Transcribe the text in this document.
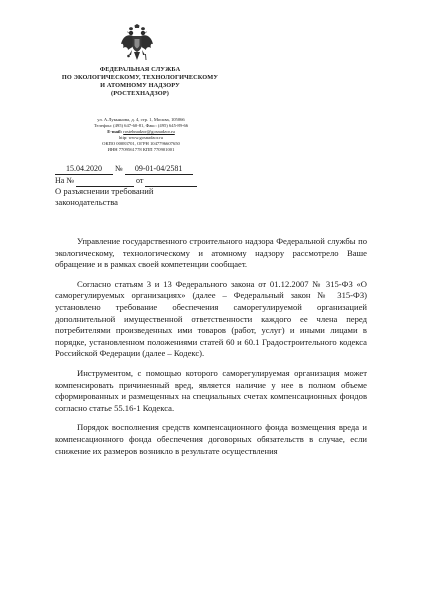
ФЕДЕРАЛЬНАЯ СЛУЖБА
ПО ЭКОЛОГИЧЕСКОМУ, ТЕХНОЛОГИЧЕСКОМУ
И АТОМНОМУ НАДЗОРУ
(РОСТЕХНАДЗОР)
ул. А.Лукьянова, д. 4, стр. 1, Москва, 105066
Телефон: (495) 647-60-81, Факс: (495) 645-89-66
E-mail: rostehnadzor@gosnadzor.ru
http: www.gosnadzor.ru
ОКПО 00083701, ОГРН 1047796607650
ИНН 7709561778 КПП 770901001
15.04.2020 № 09-01-04/2581
На №	от
О разъяснении требований
законодательства

Управление государственного строительного надзора Федеральной службы по экологическому, технологическому и атомному надзору рассмотрело Ваше обращение и в рамках своей компетенции сообщает.

Согласно статьям 3 и 13 Федерального закона от 01.12.2007 № 315-ФЗ «О саморегулируемых организациях» (далее – Федеральный закон № 315-ФЗ) установлено требование обеспечения саморегулируемой организацией дополнительной имущественной ответственности каждого ее члена перед потребителями произведенных ими товаров (работ, услуг) и иными лицами в порядке, установленном положениями статей 60 и 60.1 Градостроительного кодекса Российской Федерации (далее – Кодекс).

Инструментом, с помощью которого саморегулируемая организация может компенсировать причиненный вред, является наличие у нее в полном объеме сформированных и размещенных на специальных счетах компенсационных фондов согласно статье 55.16-1 Кодекса.

Порядок восполнения средств компенсационного фонда возмещения вреда и компенсационного фонда обеспечения договорных обязательств в случае, если снижение их размеров возникло в результате осуществления
